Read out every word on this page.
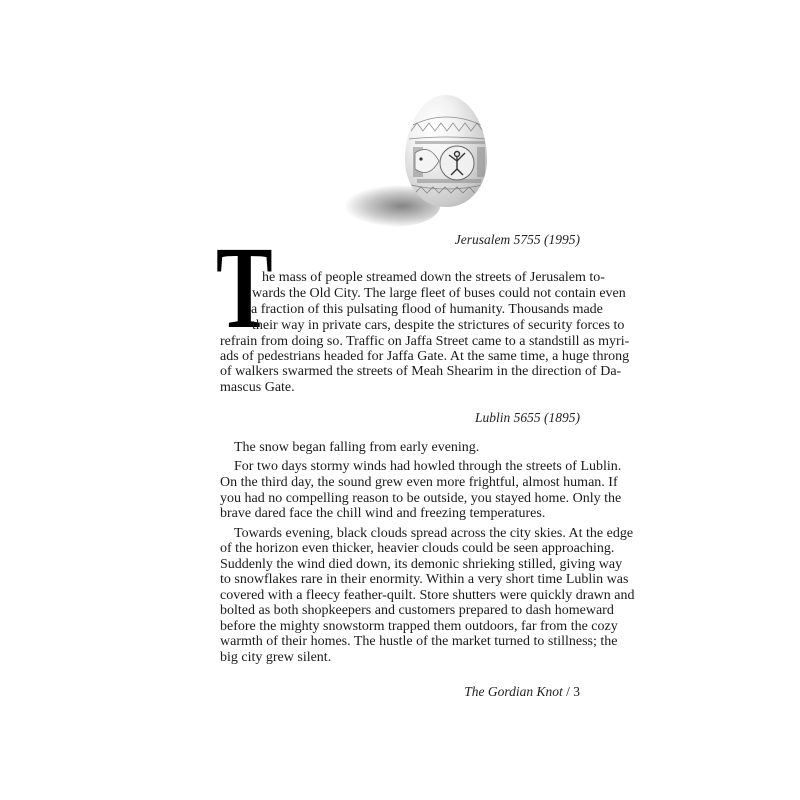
Jerusalem 5755 (1995)
T
he mass of people streamed down the streets of Jerusalem to-
wards the Old City. The large fleet of buses could not contain even
a fraction of this pulsating flood of humanity. Thousands made
their way in private cars, despite the strictures of security forces to
refrain from doing so. Traffic on Jaffa Street came to a standstill as myri-
ads of pedestrians headed for Jaffa Gate. At the same time, a huge throng
of walkers swarmed the streets of Meah Shearim in the direction of Da-
mascus Gate.
Lublin 5655 (1895)
The snow began falling from early evening.
For two days stormy winds had howled through the streets of Lublin.
On the third day, the sound grew even more frightful, almost human. If
you had no compelling reason to be outside, you stayed home. Only the
brave dared face the chill wind and freezing temperatures.
Towards evening, black clouds spread across the city skies. At the edge
of the horizon even thicker, heavier clouds could be seen approaching.
Suddenly the wind died down, its demonic shrieking stilled, giving way
to snowflakes rare in their enormity. Within a very short time Lublin was
covered with a fleecy feather-quilt. Store shutters were quickly drawn and
bolted as both shopkeepers and customers prepared to dash homeward
before the mighty snowstorm trapped them outdoors, far from the cozy
warmth of their homes. The hustle of the market turned to stillness; the
big city grew silent.
The Gordian Knot / 3
